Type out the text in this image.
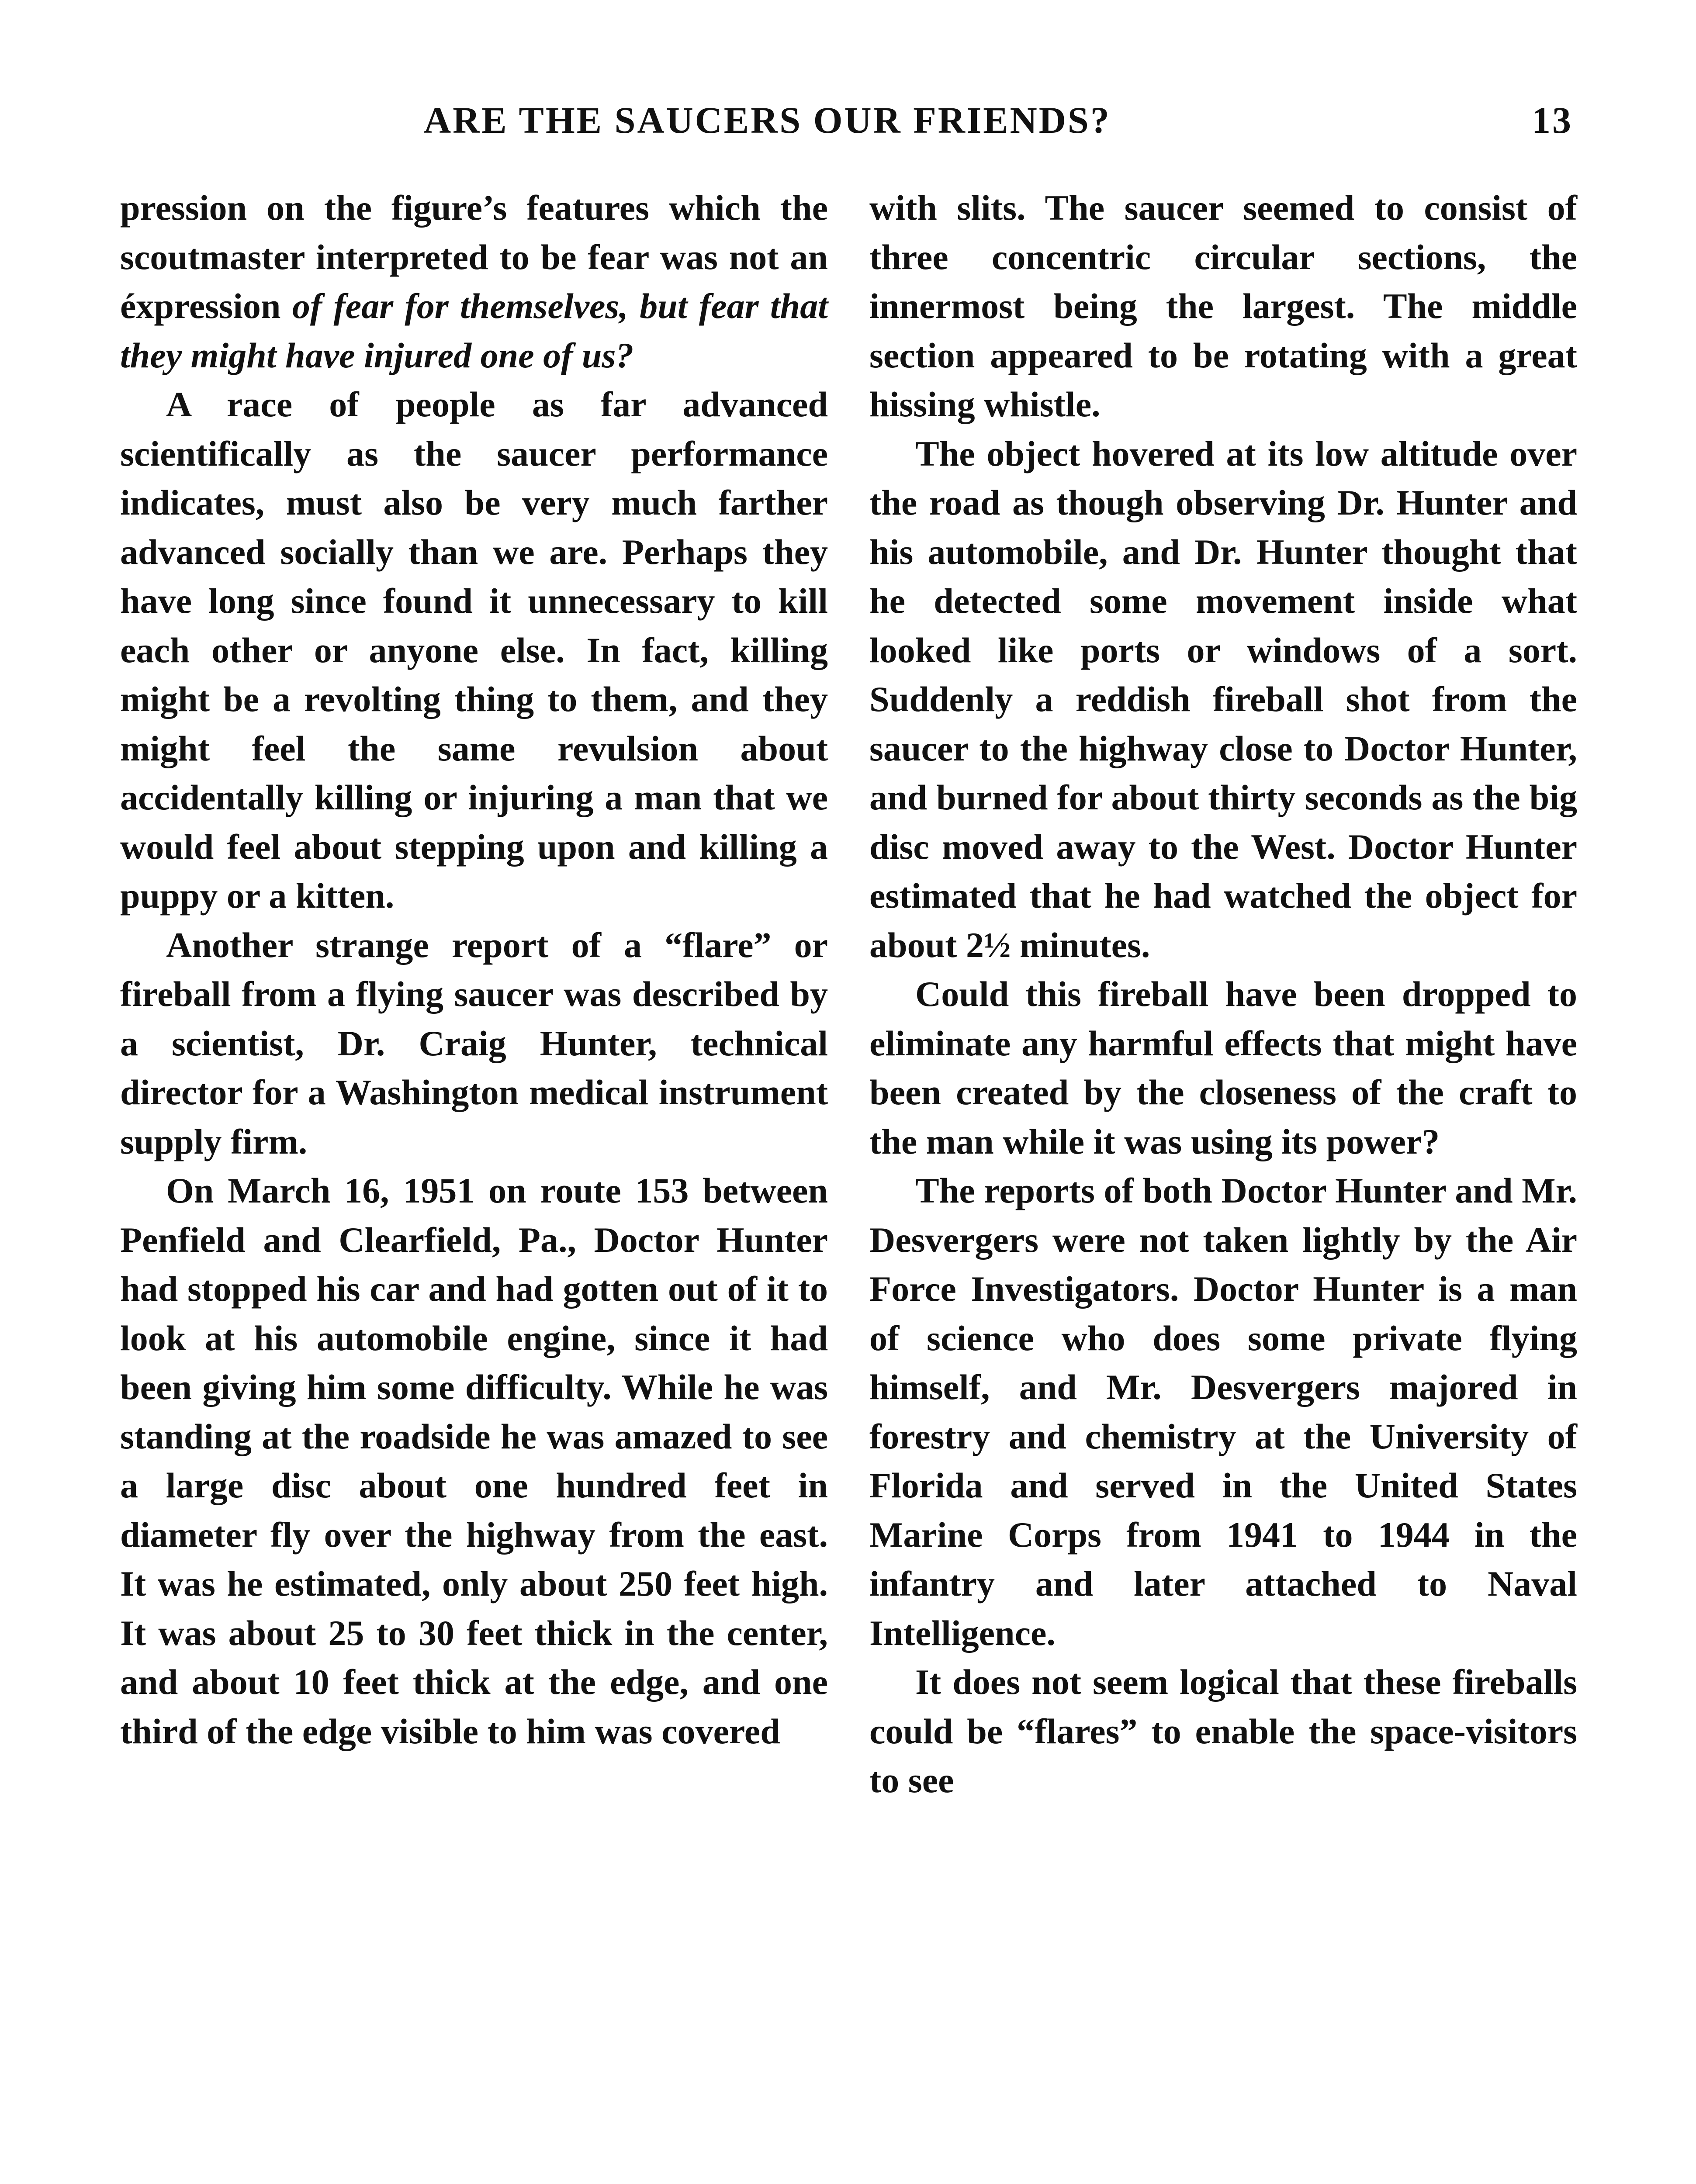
ARE THE SAUCERS OUR FRIENDS?	13

pression on the figure’s features which the scoutmaster interpreted to be fear was not an éxpression of fear for themselves, but fear that they might have injured one of us?

A race of people as far advanced scientifically as the saucer performance indicates, must also be very much farther advanced socially than we are. Perhaps they have long since found it unnecessary to kill each other or anyone else. In fact, killing might be a revolting thing to them, and they might feel the same revulsion about accidentally killing or injuring a man that we would feel about stepping upon and killing a puppy or a kitten.

Another strange report of a “flare” or fireball from a flying saucer was described by a scientist, Dr. Craig Hunter, technical director for a Washington medical instrument supply firm.

On March 16, 1951 on route 153 between Penfield and Clearfield, Pa., Doctor Hunter had stopped his car and had gotten out of it to look at his automobile engine, since it had been giving him some difficulty. While he was standing at the roadside he was amazed to see a large disc about one hundred feet in diameter fly over the highway from the east. It was he estimated, only about 250 feet high. It was about 25 to 30 feet thick in the center, and about 10 feet thick at the edge, and one third of the edge visible to him was covered

with slits. The saucer seemed to consist of three concentric circular sections, the innermost being the largest. The middle section appeared to be rotating with a great hissing whistle.

The object hovered at its low altitude over the road as though observing Dr. Hunter and his automobile, and Dr. Hunter thought that he detected some movement inside what looked like ports or windows of a sort. Suddenly a reddish fireball shot from the saucer to the highway close to Doctor Hunter, and burned for about thirty seconds as the big disc moved away to the West. Doctor Hunter estimated that he had watched the object for about 2½ minutes.

Could this fireball have been dropped to eliminate any harmful effects that might have been created by the closeness of the craft to the man while it was using its power?

The reports of both Doctor Hunter and Mr. Desvergers were not taken lightly by the Air Force Investigators. Doctor Hunter is a man of science who does some private flying himself, and Mr. Desvergers majored in forestry and chemistry at the University of Florida and served in the United States Marine Corps from 1941 to 1944 in the infantry and later attached to Naval Intelligence.

It does not seem logical that these fireballs could be “flares” to enable the space-visitors to see
